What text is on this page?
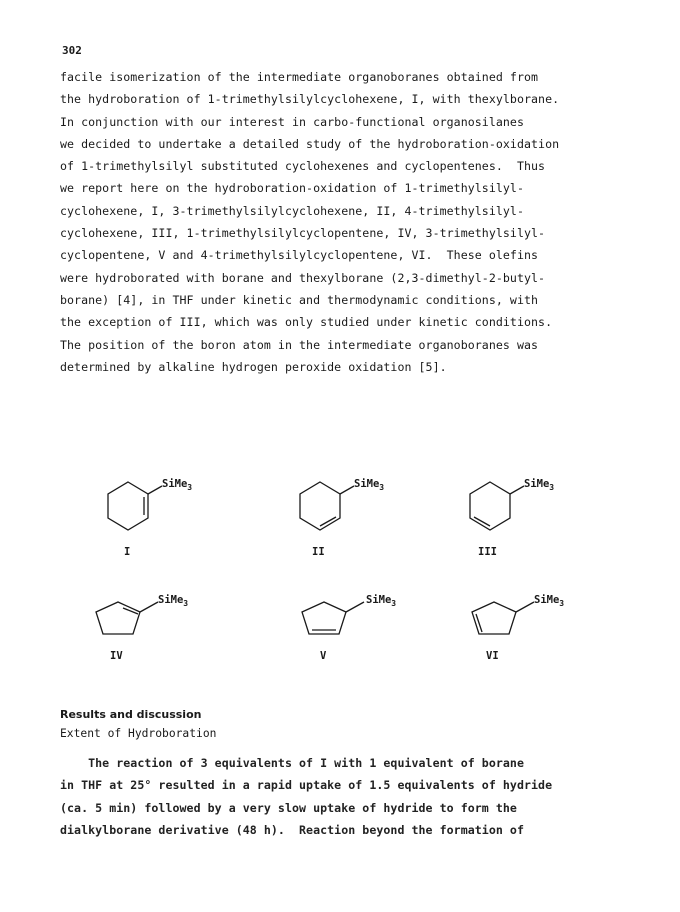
302
facile isomerization of the intermediate organoboranes obtained from
the hydroboration of 1-trimethylsilylcyclohexene, I, with thexylborane.
In conjunction with our interest in carbo-functional organosilanes
we decided to undertake a detailed study of the hydroboration-oxidation
of 1-trimethylsilyl substituted cyclohexenes and cyclopentenes.  Thus
we report here on the hydroboration-oxidation of 1-trimethylsilyl-
cyclohexene, I, 3-trimethylsilylcyclohexene, II, 4-trimethylsilyl-
cyclohexene, III, 1-trimethylsilylcyclopentene, IV, 3-trimethylsilyl-
cyclopentene, V and 4-trimethylsilylcyclopentene, VI.  These olefins
were hydroborated with borane and thexylborane (2,3-dimethyl-2-butyl-
borane) [4], in THF under kinetic and thermodynamic conditions, with
the exception of III, which was only studied under kinetic conditions.
The position of the boron atom in the intermediate organoboranes was
determined by alkaline hydrogen peroxide oxidation [5].
SiMe$_3$
I
SiMe$_3$
II
SiMe$_3$
III
SiMe$_3$
IV
SiMe$_3$
V
SiMe$_3$
VI
Results and discussion
Extent of Hydroboration
The reaction of 3 equivalents of I with 1 equivalent of borane
in THF at 25° resulted in a rapid uptake of 1.5 equivalents of hydride
(ca. 5 min) followed by a very slow uptake of hydride to form the
dialkylborane derivative (48 h).  Reaction beyond the formation of
